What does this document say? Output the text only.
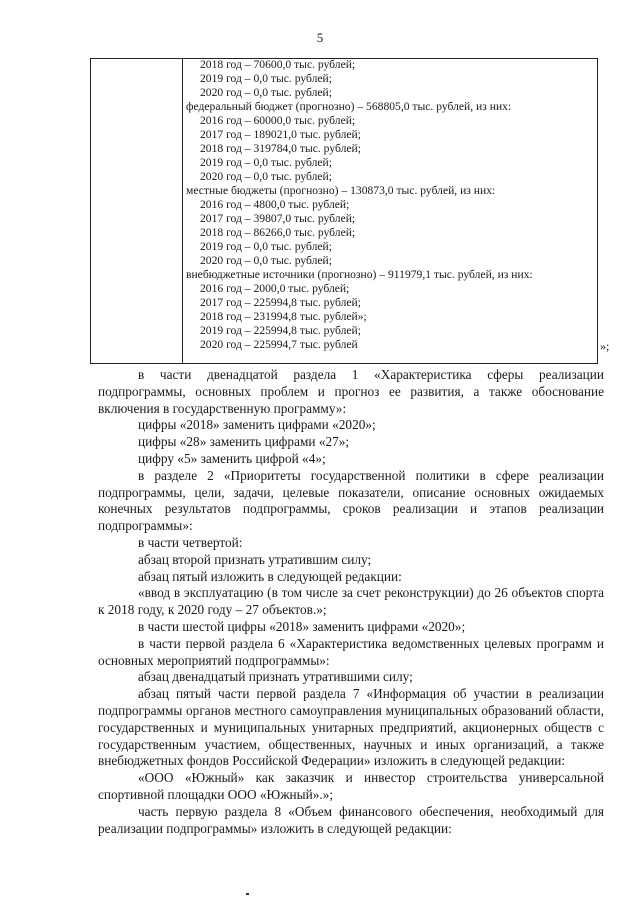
5
2018 год – 70600,0 тыс. рублей;
2019 год – 0,0 тыс. рублей;
2020 год – 0,0 тыс. рублей;
федеральный бюджет (прогнозно) – 568805,0 тыс. рублей, из них:
2016 год – 60000,0 тыс. рублей;
2017 год – 189021,0 тыс. рублей;
2018 год – 319784,0 тыс. рублей;
2019 год – 0,0 тыс. рублей;
2020 год – 0,0 тыс. рублей;
местные бюджеты (прогнозно) – 130873,0 тыс. рублей, из них:
2016 год – 4800,0 тыс. рублей;
2017 год – 39807,0 тыс. рублей;
2018 год – 86266,0 тыс. рублей;
2019 год – 0,0 тыс. рублей;
2020 год – 0,0 тыс. рублей;
внебюджетные источники (прогнозно) – 911979,1 тыс. рублей, из них:
2016 год – 2000,0 тыс. рублей;
2017 год – 225994,8 тыс. рублей;
2018 год – 231994,8 тыс. рублей»;
2019 год – 225994,8 тыс. рублей;
2020 год – 225994,7 тыс. рублей	»;

в части двенадцатой раздела 1 «Характеристика сферы реализации подпрограммы, основных проблем и прогноз ее развития, а также обоснование включения в государственную программу»:

цифры «2018» заменить цифрами «2020»;

цифры «28» заменить цифрами «27»;

цифру «5» заменить цифрой «4»;

в разделе 2 «Приоритеты государственной политики в сфере реализации подпрограммы, цели, задачи, целевые показатели, описание основных ожидаемых конечных результатов подпрограммы, сроков реализации и этапов реализации подпрограммы»:

в части четвертой:

абзац второй признать утратившим силу;

абзац пятый изложить в следующей редакции:

«ввод в эксплуатацию (в том числе за счет реконструкции) до 26 объектов спорта к 2018 году, к 2020 году – 27 объектов.»;

в части шестой цифры «2018» заменить цифрами «2020»;

в части первой раздела 6 «Характеристика ведомственных целевых программ и основных мероприятий подпрограммы»:

абзац двенадцатый признать утратившими силу;

абзац пятый части первой раздела 7 «Информация об участии в реализации подпрограммы органов местного самоуправления муниципальных образований области, государственных и муниципальных унитарных предприятий, акционерных обществ с государственным участием, общественных, научных и иных организаций, а также внебюджетных фондов Российской Федерации» изложить в следующей редакции:

«ООО «Южный» как заказчик и инвестор строительства универсальной спортивной площадки ООО «Южный».»;

часть первую раздела 8 «Объем финансового обеспечения, необходимый для реализации подпрограммы» изложить в следующей редакции:
